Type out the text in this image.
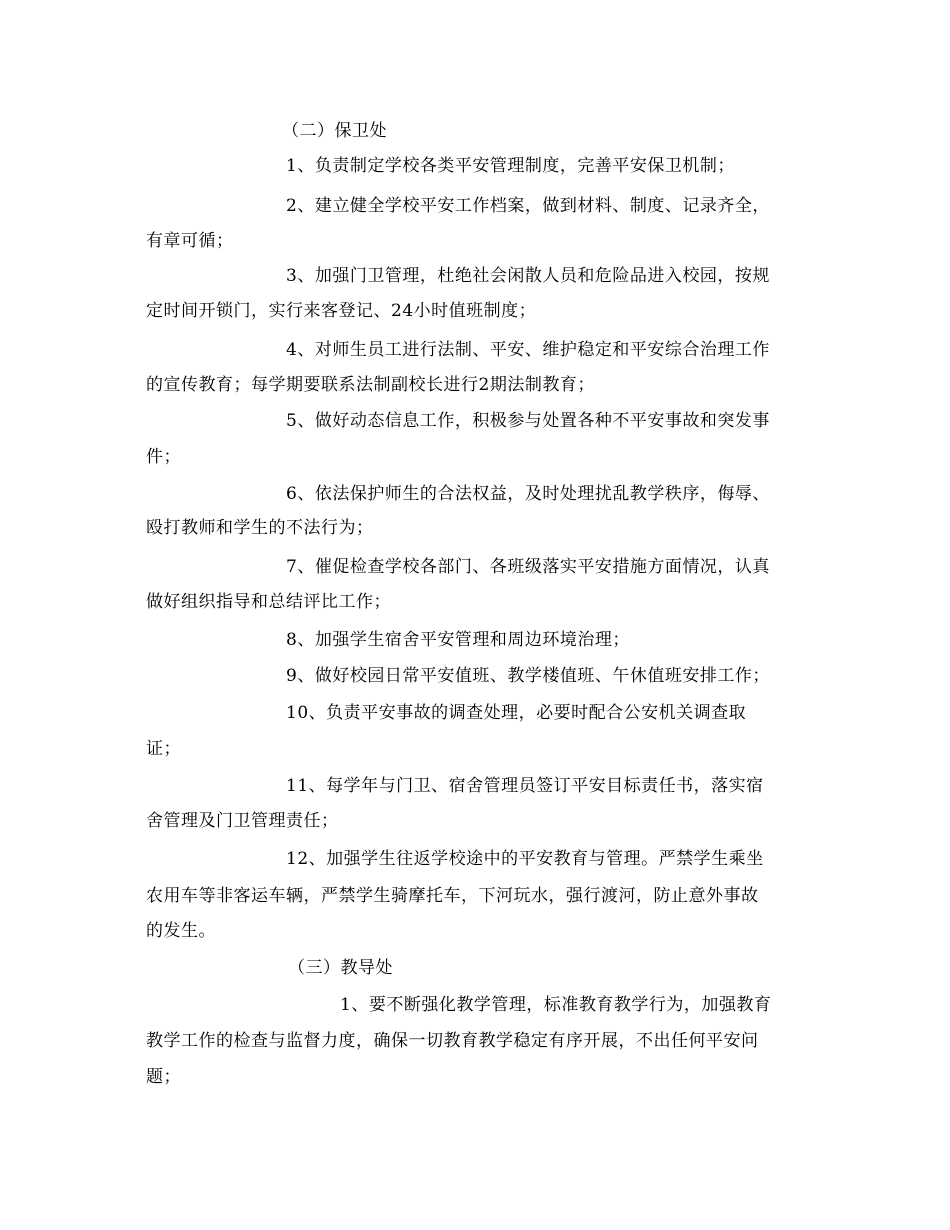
（二）保卫处
1、负责制定学校各类平安管理制度，完善平安保卫机制；
2、建立健全学校平安工作档案，做到材料、制度、记录齐全，
有章可循；
3、加强门卫管理，杜绝社会闲散人员和危险品进入校园，按规
定时间开锁门，实行来客登记、24小时值班制度；
4、对师生员工进行法制、平安、维护稳定和平安综合治理工作
的宣传教育；每学期要联系法制副校长进行2期法制教育；
5、做好动态信息工作，积极参与处置各种不平安事故和突发事
件；
6、依法保护师生的合法权益，及时处理扰乱教学秩序，侮辱、
殴打教师和学生的不法行为；
7、催促检查学校各部门、各班级落实平安措施方面情况，认真
做好组织指导和总结评比工作；
8、加强学生宿舍平安管理和周边环境治理；
9、做好校园日常平安值班、教学楼值班、午休值班安排工作；
10、负责平安事故的调查处理，必要时配合公安机关调查取
证；
11、每学年与门卫、宿舍管理员签订平安目标责任书，落实宿
舍管理及门卫管理责任；
12、加强学生往返学校途中的平安教育与管理。严禁学生乘坐
农用车等非客运车辆，严禁学生骑摩托车，下河玩水，强行渡河，防止意外事故
的发生。
（三）教导处
1、要不断强化教学管理，标准教育教学行为，加强教育
教学工作的检查与监督力度，确保一切教育教学稳定有序开展，不出任何平安问
题；
